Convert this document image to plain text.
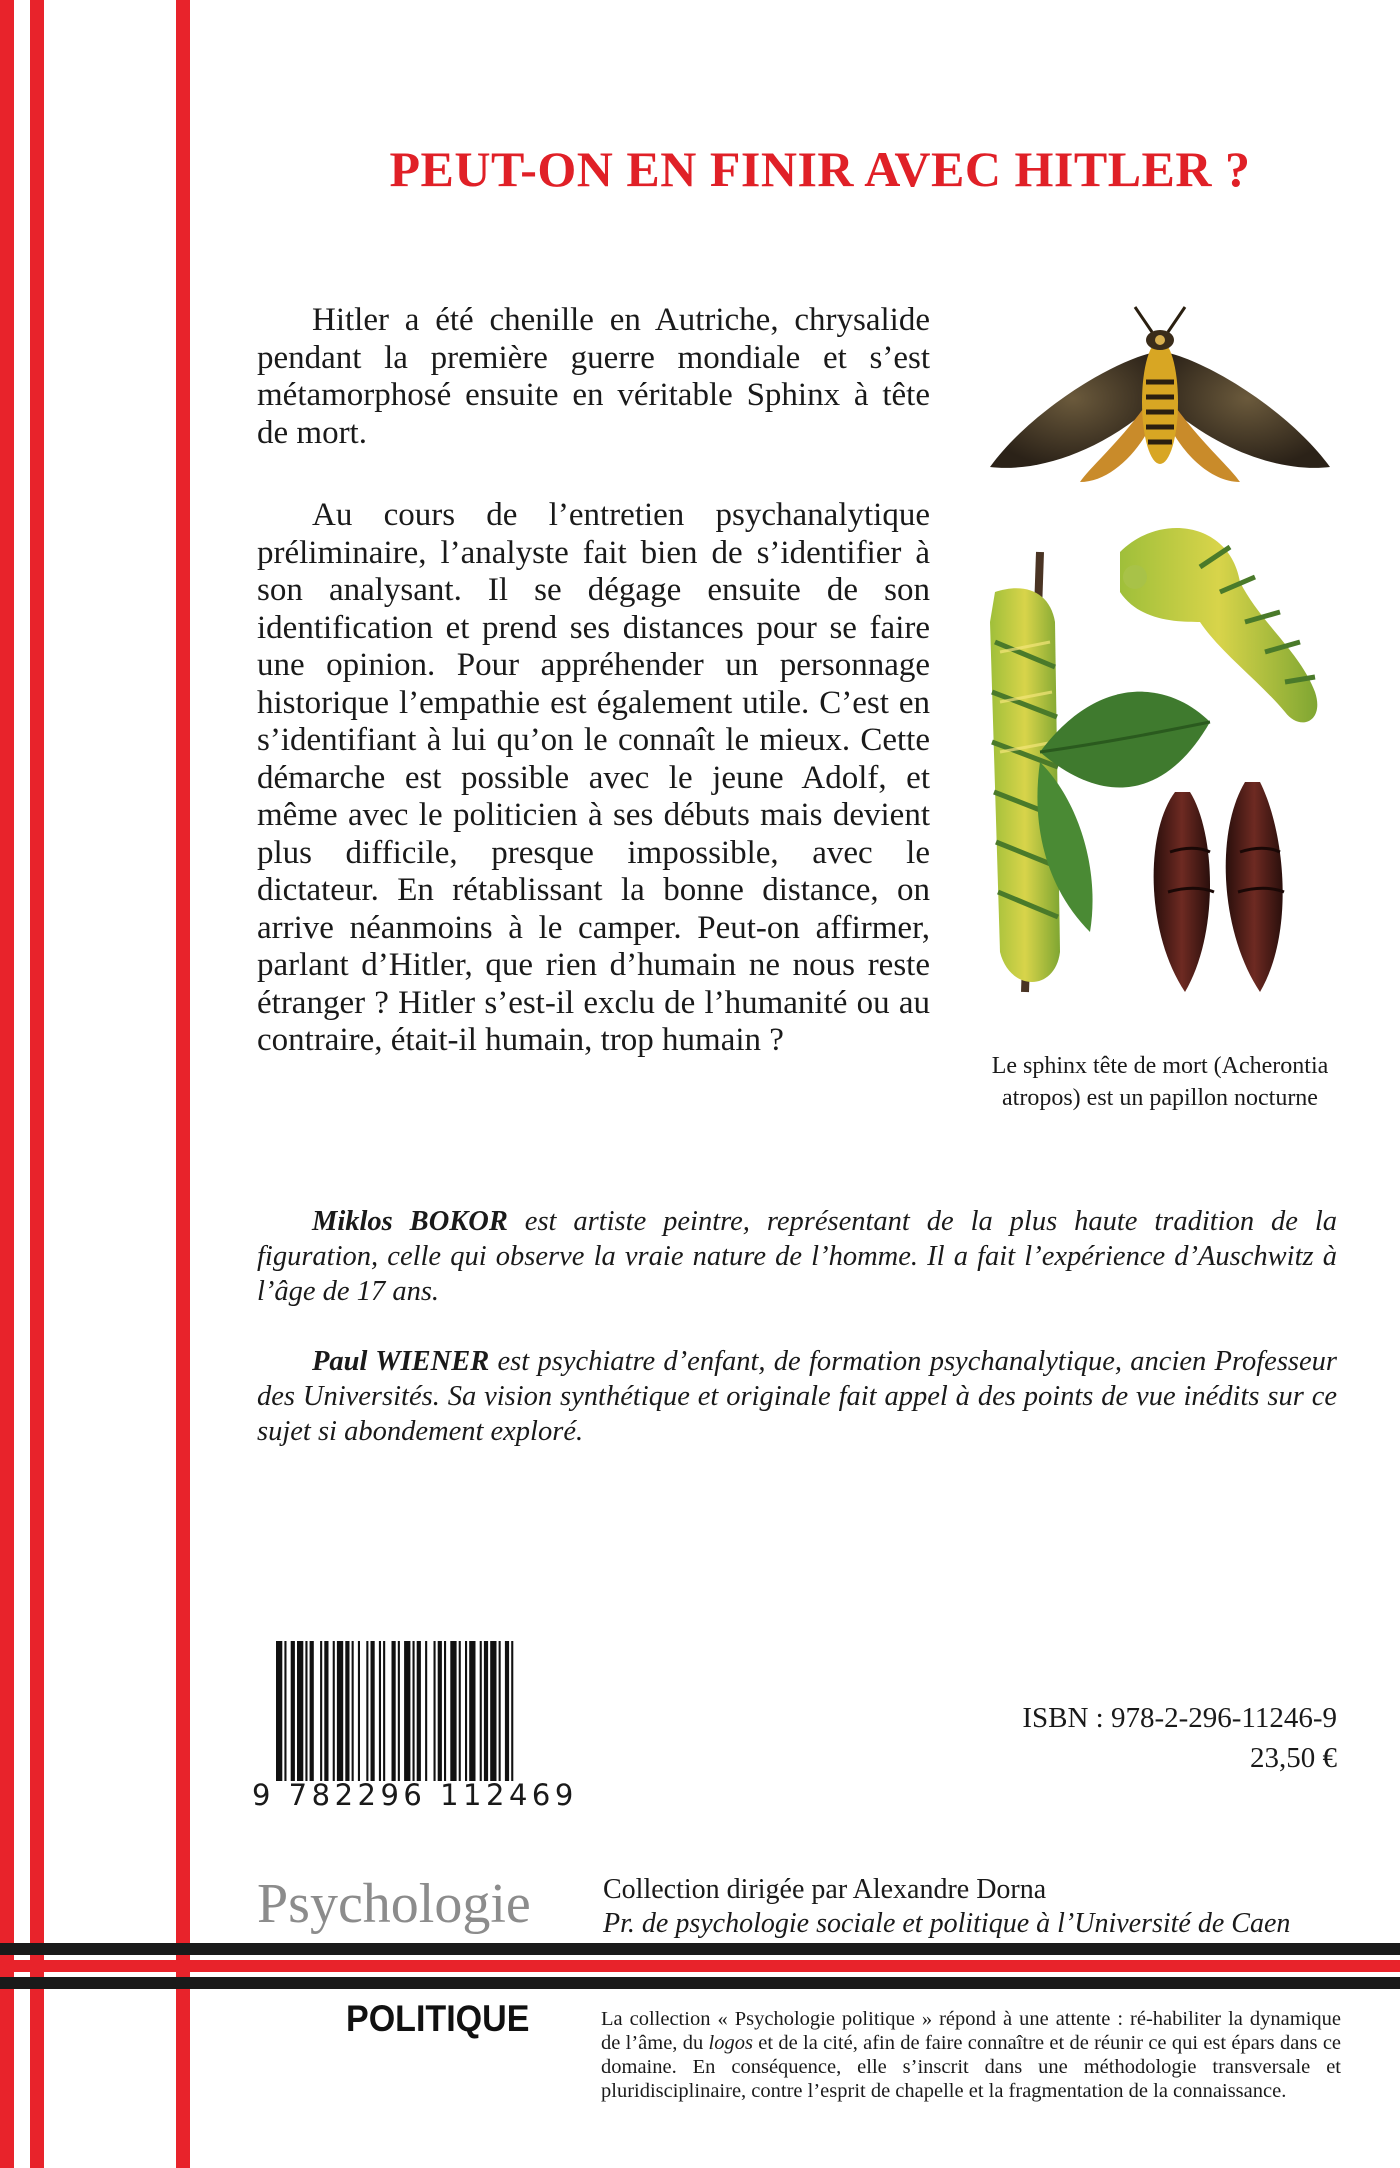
PEUT-ON EN FINIR AVEC HITLER ?

Hitler a été chenille en Autriche, chrysalide pendant la première guerre mondiale et s’est métamorphosé ensuite en véritable Sphinx à tête de mort.

Au cours de l’entretien psychanalytique préliminaire, l’analyste fait bien de s’identifier à son analysant. Il se dégage ensuite de son identification et prend ses distances pour se faire une opinion. Pour appréhender un personnage historique l’empathie est également utile. C’est en s’identifiant à lui qu’on le connaît le mieux. Cette démarche est possible avec le jeune Adolf, et même avec le politicien à ses débuts mais devient plus difficile, presque impossible, avec le dictateur. En rétablissant la bonne distance, on arrive néanmoins à le camper. Peut-on affirmer, parlant d’Hitler, que rien d’humain ne nous reste étranger ? Hitler s’est-il exclu de l’humanité ou au contraire, était-il humain, trop humain ?

Le sphinx tête de mort (Acherontia atropos) est un papillon nocturne

Miklos BOKOR est artiste peintre, représentant de la plus haute tradition de la figuration, celle qui observe la vraie nature de l’homme. Il a fait l’expérience d’Auschwitz à l’âge de 17 ans.

Paul WIENER est psychiatre d’enfant, de formation psychanalytique, ancien Professeur des Universités. Sa vision synthétique et originale fait appel à des points de vue inédits sur ce sujet si abondement exploré.

9 782296 112469
ISBN : 978-2-296-11246-9
23,50 €
Psychologie	Collection dirigée par Alexandre Dorna
Pr. de psychologie sociale et politique à l’Université de Caen
POLITIQUE	La collection « Psychologie politique » répond à une attente : ré-habiliter la dynamique de l’âme, du logos et de la cité, afin de faire connaître et de réunir ce qui est épars dans ce domaine. En conséquence, elle s’inscrit dans une méthodologie transversale et pluridisciplinaire, contre l’esprit de chapelle et la fragmentation de la connaissance.
